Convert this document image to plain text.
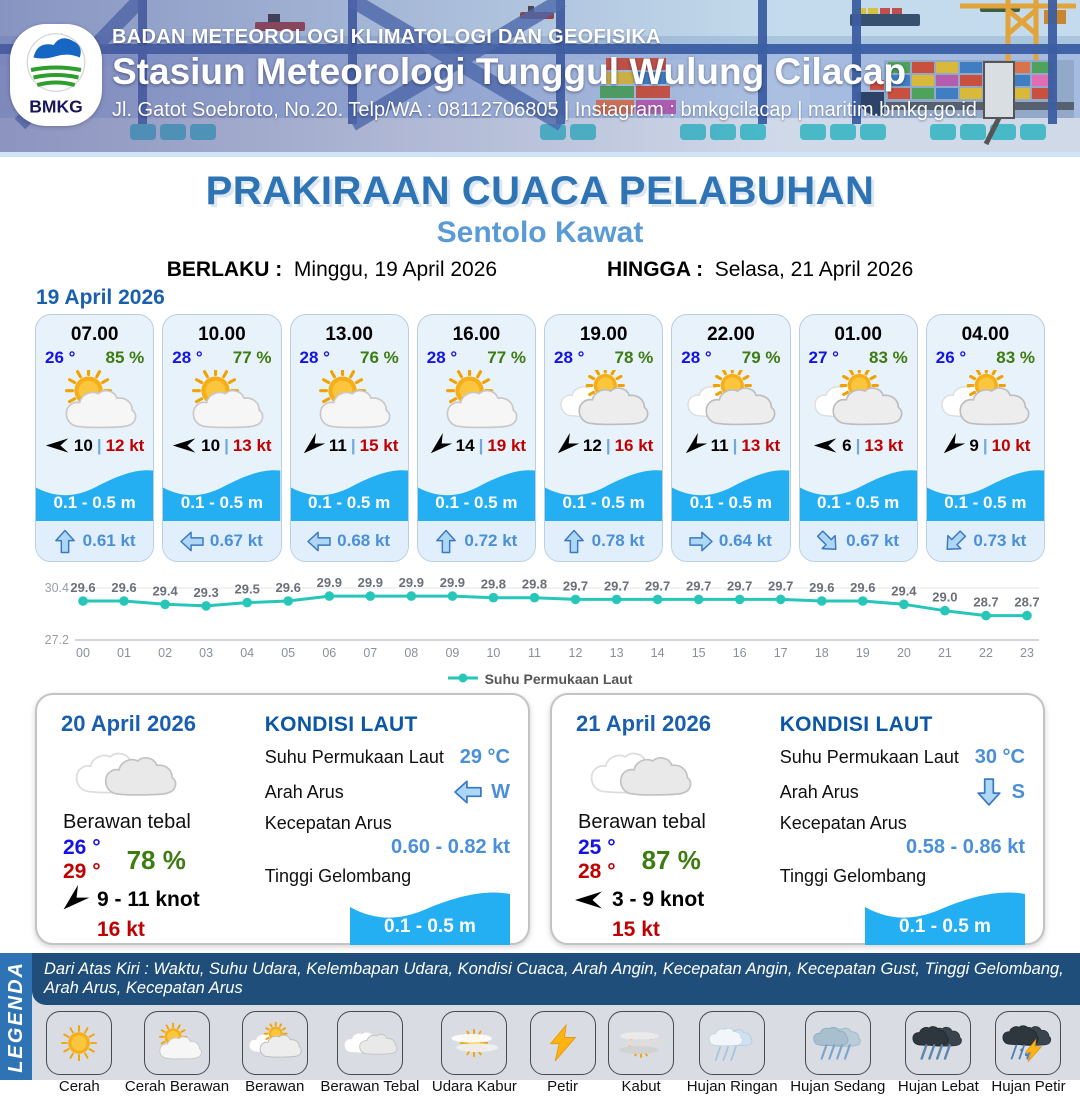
BMKG
BADAN METEOROLOGI KLIMATOLOGI DAN GEOFISIKA
Stasiun Meteorologi Tunggul Wulung Cilacap
Jl. Gatot Soebroto, No.20. Telp/WA : 08112706805 | Instagram : bmkgcilacap | maritim.bmkg.go.id
PRAKIRAAN CUACA PELABUHAN
Sentolo Kawat
BERLAKU : Minggu, 19 April 2026	HINGGA : Selasa, 21 April 2026
19 April 2026
07.00
26 ° 85 %
10 | 12 kt
0.1 - 0.5 m
0.61 kt
10.00
28 ° 77 %
10 | 13 kt
0.1 - 0.5 m
0.67 kt
13.00
28 ° 76 %
11 | 15 kt
0.1 - 0.5 m
0.68 kt
16.00
28 ° 77 %
14 | 19 kt
0.1 - 0.5 m
0.72 kt
19.00
28 ° 78 %
12 | 16 kt
0.1 - 0.5 m
0.78 kt
22.00
28 ° 79 %
11 | 13 kt
0.1 - 0.5 m
0.64 kt
01.00
27 ° 83 %
6 | 13 kt
0.1 - 0.5 m
0.67 kt
04.00
26 ° 83 %
9 | 10 kt
0.1 - 0.5 m
0.73 kt
30.4
27.2
29.6
00
29.6
01
29.4
02
29.3
03
29.5
04
29.6
05
29.9
06
29.9
07
29.9
08
29.9
09
29.8
10
29.8
11
29.7
12
29.7
13
29.7
14
29.7
15
29.7
16
29.7
17
29.6
18
29.6
19
29.4
20
29.0
21
28.7
22
28.7
23
Suhu Permukaan Laut
20 April 2026
Berawan tebal
26 °
29 ° 78 %
9 - 11 knot
16 kt
KONDISI LAUT
Suhu Permukaan Laut 29 °C
Arah Arus	W
Kecepatan Arus
0.60 - 0.82 kt
Tinggi Gelombang
0.1 - 0.5 m
21 April 2026
Berawan tebal
25 °
28 ° 87 %
3 - 9 knot
15 kt
KONDISI LAUT
Suhu Permukaan Laut 30 °C
Arah Arus	S
Kecepatan Arus
0.58 - 0.86 kt
Tinggi Gelombang
0.1 - 0.5 m
LEGENDA	Dari Atas Kiri : Waktu, Suhu Udara, Kelembapan Udara, Kondisi Cuaca, Arah Angin, Kecepatan Angin, Kecepatan Gust, Tinggi Gelombang, Arah Arus, Kecepatan Arus
Cerah Cerah Berawan Berawan Berawan Tebal Udara Kabur Petir	Kabut Hujan Ringan Hujan Sedang Hujan Lebat Hujan Petir
